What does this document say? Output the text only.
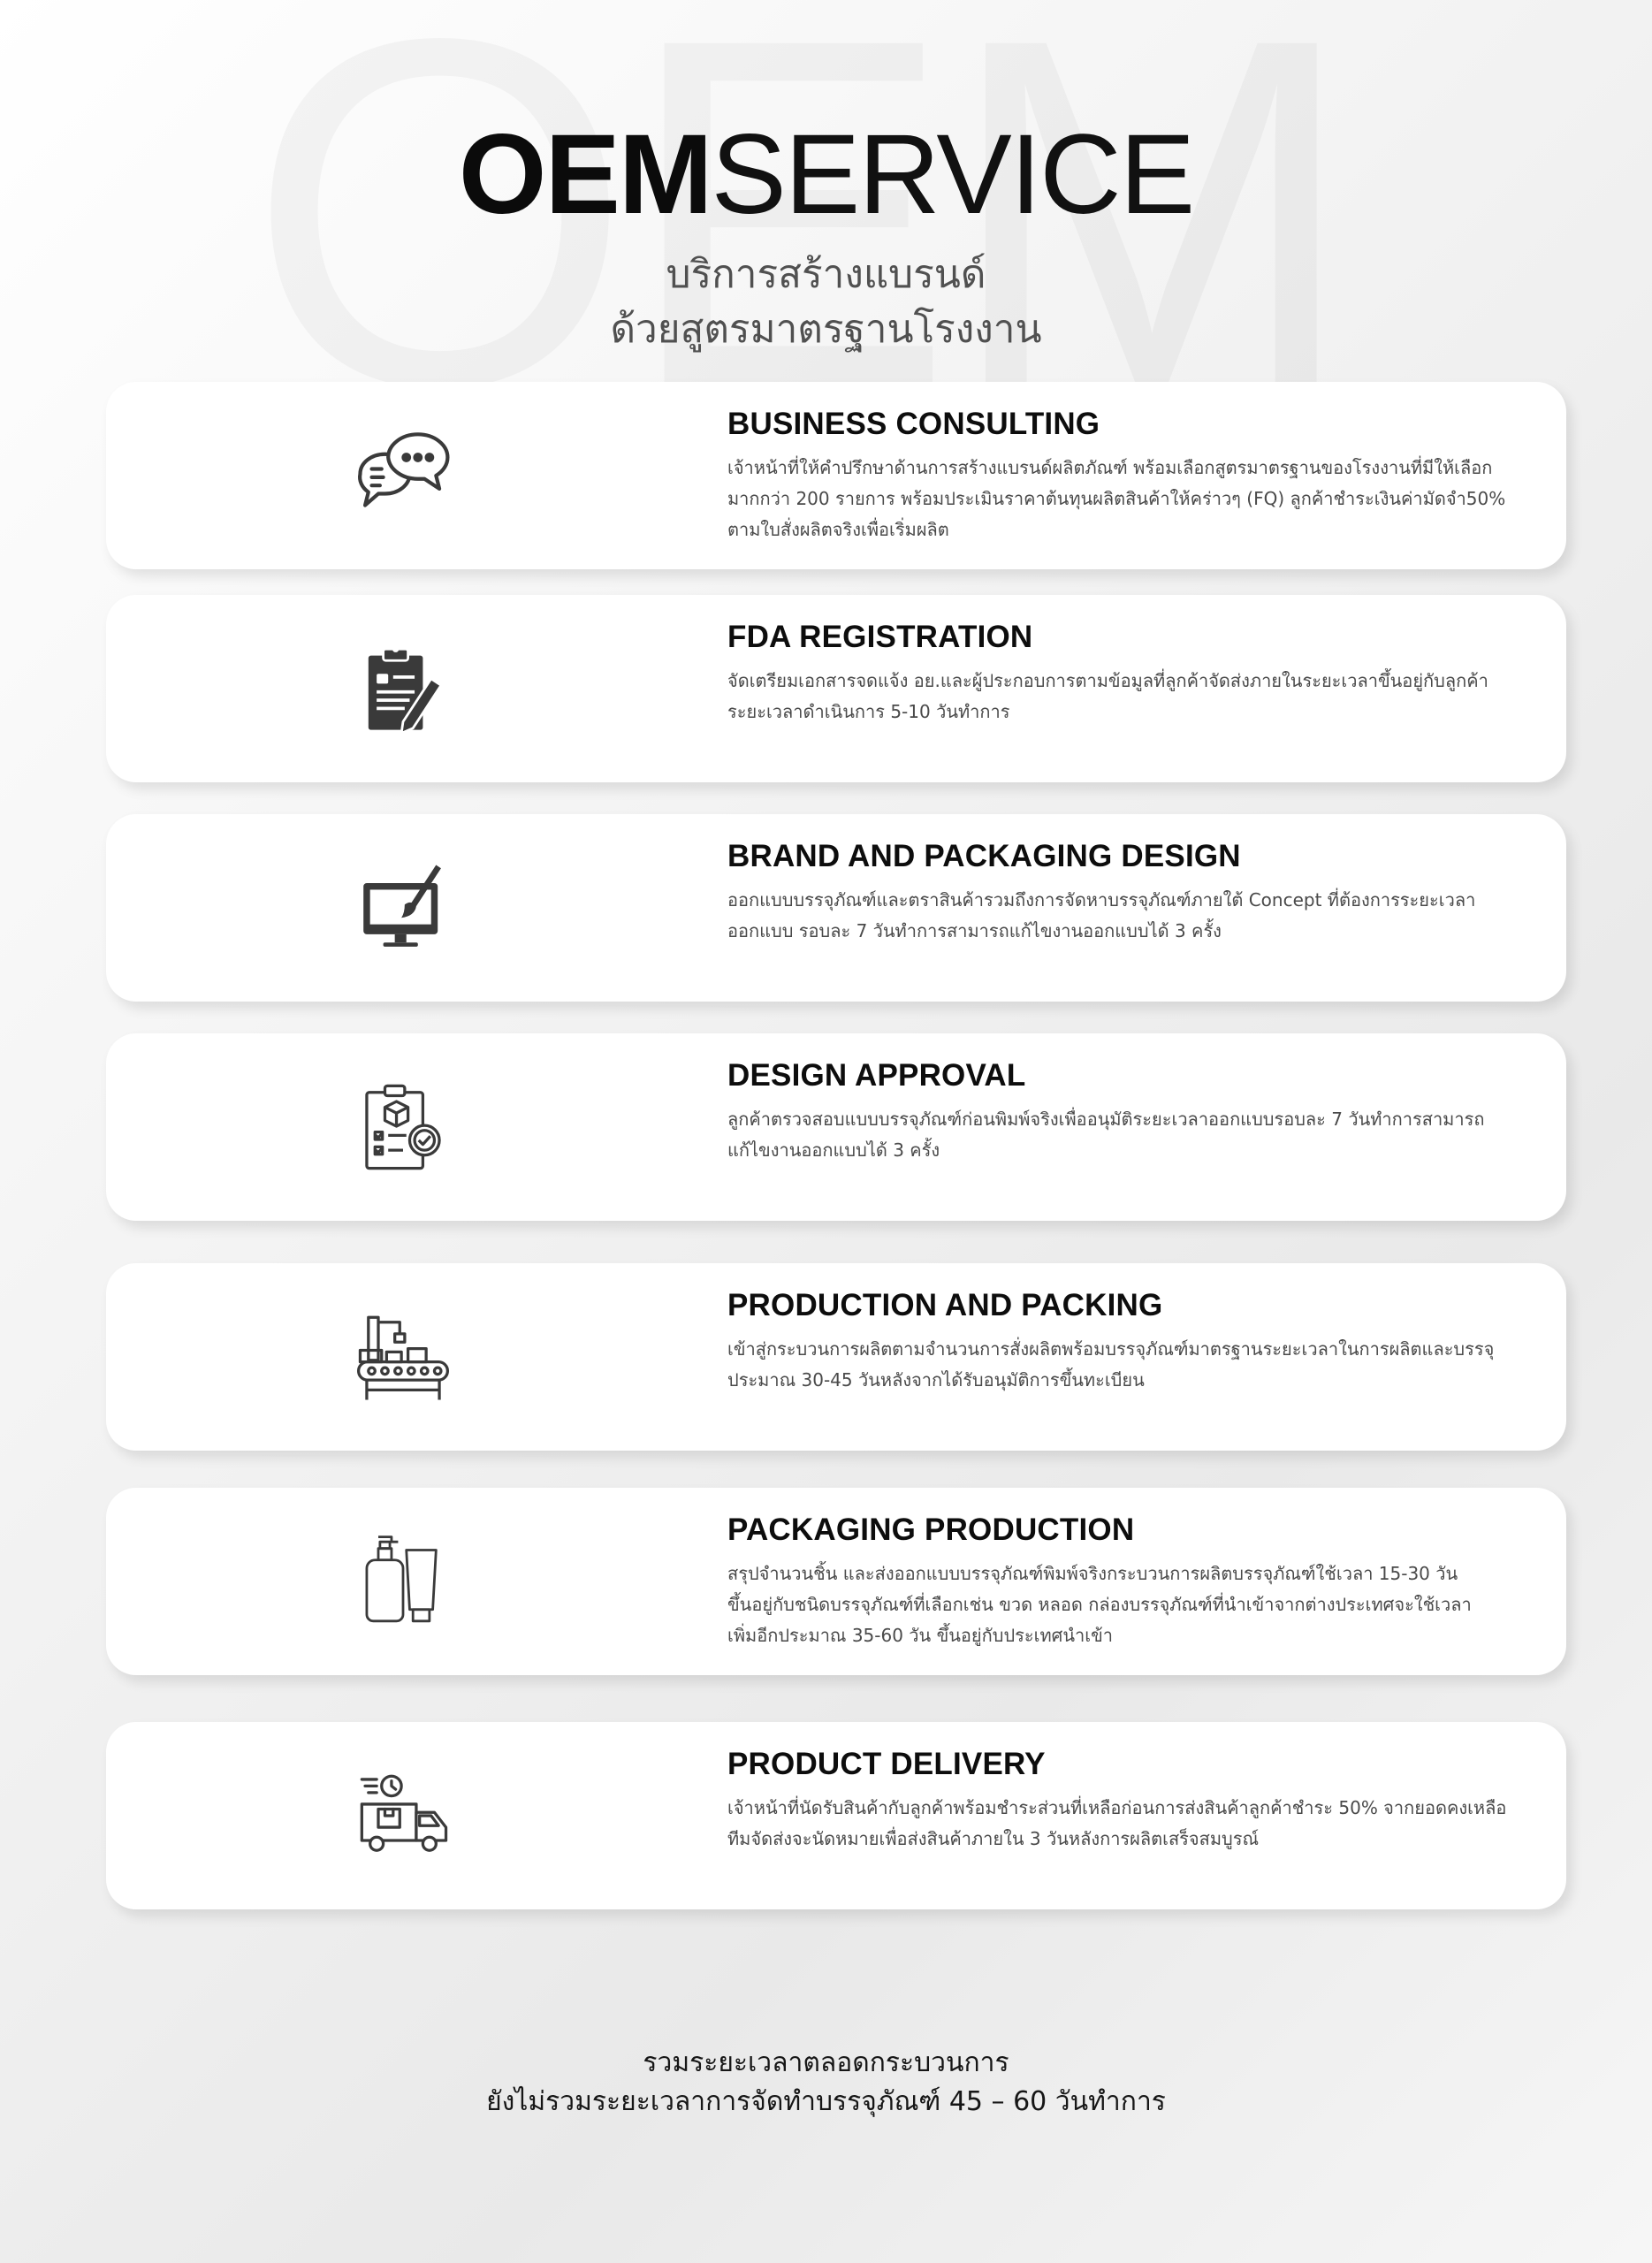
OEMSERVICE
บริการสร้างแบรนด์
ด้วยสูตรมาตรฐานโรงงาน
BUSINESS CONSULTING
เจ้าหน้าที่ให้คำปรึกษาด้านการสร้างแบรนด์ผลิตภัณฑ์ พร้อมเลือกสูตรมาตรฐานของโรงงานที่มีให้เลือก
มากกว่า 200 รายการ พร้อมประเมินราคาต้นทุนผลิตสินค้าให้คร่าวๆ (FQ) ลูกค้าชำระเงินค่ามัดจำ50%
ตามใบสั่งผลิตจริงเพื่อเริ่มผลิต
FDA REGISTRATION
จัดเตรียมเอกสารจดแจ้ง อย.และผู้ประกอบการตามข้อมูลที่ลูกค้าจัดส่งภายในระยะเวลาขึ้นอยู่กับลูกค้า
ระยะเวลาดำเนินการ 5-10 วันทำการ
BRAND AND PACKAGING DESIGN
ออกแบบบรรจุภัณฑ์และตราสินค้ารวมถึงการจัดหาบรรจุภัณฑ์ภายใต้ Concept ที่ต้องการระยะเวลา
ออกแบบ รอบละ 7 วันทำการสามารถแก้ไขงานออกแบบได้ 3 ครั้ง
DESIGN APPROVAL
ลูกค้าตรวจสอบแบบบรรจุภัณฑ์ก่อนพิมพ์จริงเพื่ออนุมัติระยะเวลาออกแบบรอบละ 7 วันทำการสามารถ
แก้ไขงานออกแบบได้ 3 ครั้ง
PRODUCTION AND PACKING
เข้าสู่กระบวนการผลิตตามจำนวนการสั่งผลิตพร้อมบรรจุภัณฑ์มาตรฐานระยะเวลาในการผลิตและบรรจุ
ประมาณ 30-45 วันหลังจากได้รับอนุมัติการขึ้นทะเบียน
PACKAGING PRODUCTION
สรุปจำนวนชิ้น และส่งออกแบบบรรจุภัณฑ์พิมพ์จริงกระบวนการผลิตบรรจุภัณฑ์ใช้เวลา 15-30 วัน
ขึ้นอยู่กับชนิดบรรจุภัณฑ์ที่เลือกเช่น ขวด หลอด กล่องบรรจุภัณฑ์ที่นำเข้าจากต่างประเทศจะใช้เวลา
เพิ่มอีกประมาณ 35-60 วัน ขึ้นอยู่กับประเทศนำเข้า
PRODUCT DELIVERY
เจ้าหน้าที่นัดรับสินค้ากับลูกค้าพร้อมชำระส่วนที่เหลือก่อนการส่งสินค้าลูกค้าชำระ 50% จากยอดคงเหลือ
ทีมจัดส่งจะนัดหมายเพื่อส่งสินค้าภายใน 3 วันหลังการผลิตเสร็จสมบูรณ์
รวมระยะเวลาตลอดกระบวนการ
ยังไม่รวมระยะเวลาการจัดทำบรรจุภัณฑ์ 45 – 60 วันทำการ
